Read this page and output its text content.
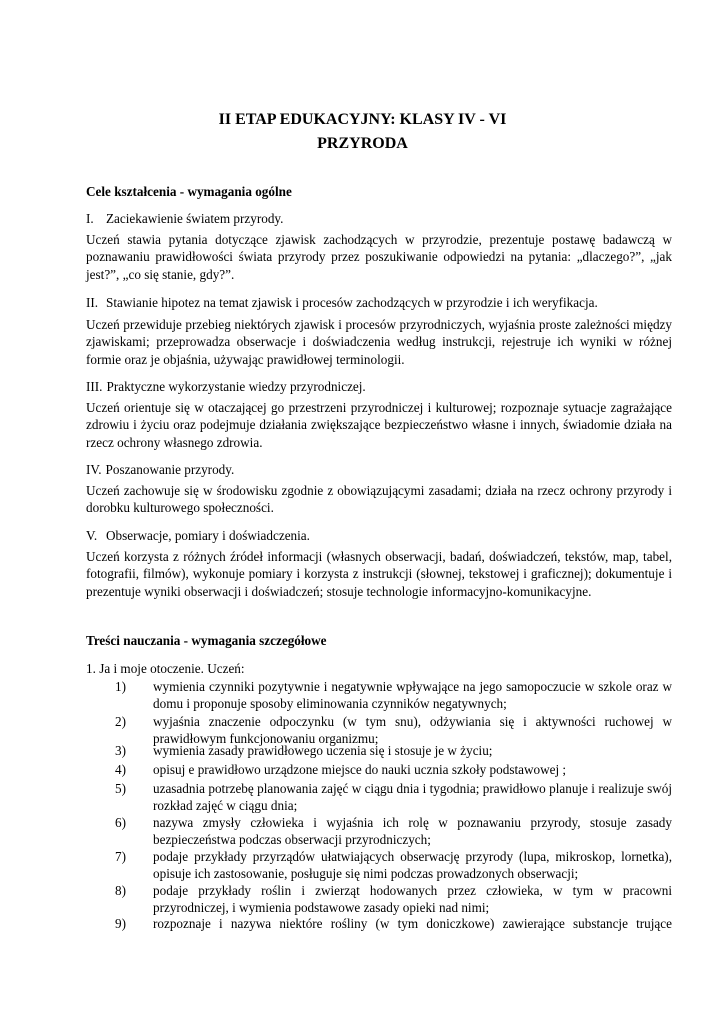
II ETAP EDUKACYJNY: KLASY IV - VI
PRZYRODA
Cele kształcenia - wymagania ogólne
I. Zaciekawienie światem przyrody.
Uczeń stawia pytania dotyczące zjawisk zachodzących w przyrodzie, prezentuje postawę badawczą w poznawaniu prawidłowości świata przyrody przez poszukiwanie odpowiedzi na pytania: „dlaczego?”, „jak jest?”, „co się stanie, gdy?”.
II. Stawianie hipotez na temat zjawisk i procesów zachodzących w przyrodzie i ich weryfikacja.
Uczeń przewiduje przebieg niektórych zjawisk i procesów przyrodniczych, wyjaśnia proste zależności między zjawiskami; przeprowadza obserwacje i doświadczenia według instrukcji, rejestruje ich wyniki w różnej formie oraz je objaśnia, używając prawidłowej terminologii.
III. Praktyczne wykorzystanie wiedzy przyrodniczej.
Uczeń orientuje się w otaczającej go przestrzeni przyrodniczej i kulturowej; rozpoznaje sytuacje zagrażające zdrowiu i życiu oraz podejmuje działania zwiększające bezpieczeństwo własne i innych, świadomie działa na rzecz ochrony własnego zdrowia.
IV. Poszanowanie przyrody.
Uczeń zachowuje się w środowisku zgodnie z obowiązującymi zasadami; działa na rzecz ochrony przyrody i dorobku kulturowego społeczności.
V. Obserwacje, pomiary i doświadczenia.
Uczeń korzysta z różnych źródeł informacji (własnych obserwacji, badań, doświadczeń, tekstów, map, tabel, fotografii, filmów), wykonuje pomiary i korzysta z instrukcji (słownej, tekstowej i graficznej); dokumentuje i prezentuje wyniki obserwacji i doświadczeń; stosuje technologie informacyjno-komunikacyjne.
Treści nauczania - wymagania szczegółowe
1. Ja i moje otoczenie. Uczeń:
1)	wymienia czynniki pozytywnie i negatywnie wpływające na jego samopoczucie w szkole oraz w domu i proponuje sposoby eliminowania czynników negatywnych;
2)	wyjaśnia znaczenie odpoczynku (w tym snu), odżywiania się i aktywności ruchowej w prawidłowym funkcjonowaniu organizmu;
3)	wymienia zasady prawidłowego uczenia się i stosuje je w życiu;
4)	opisuj e prawidłowo urządzone miejsce do nauki ucznia szkoły podstawowej ;
5)	uzasadnia potrzebę planowania zajęć w ciągu dnia i tygodnia; prawidłowo planuje i realizuje swój rozkład zajęć w ciągu dnia;
6)	nazywa zmysły człowieka i wyjaśnia ich rolę w poznawaniu przyrody, stosuje zasady bezpieczeństwa podczas obserwacji przyrodniczych;
7)	podaje przykłady przyrządów ułatwiających obserwację przyrody (lupa, mikroskop, lornetka), opisuje ich zastosowanie, posługuje się nimi podczas prowadzonych obserwacji;
8)	podaje przykłady roślin i zwierząt hodowanych przez człowieka, w tym w pracowni przyrodniczej, i wymienia podstawowe zasady opieki nad nimi;
9)	rozpoznaje i nazywa niektóre rośliny (w tym doniczkowe) zawierające substancje trujące
